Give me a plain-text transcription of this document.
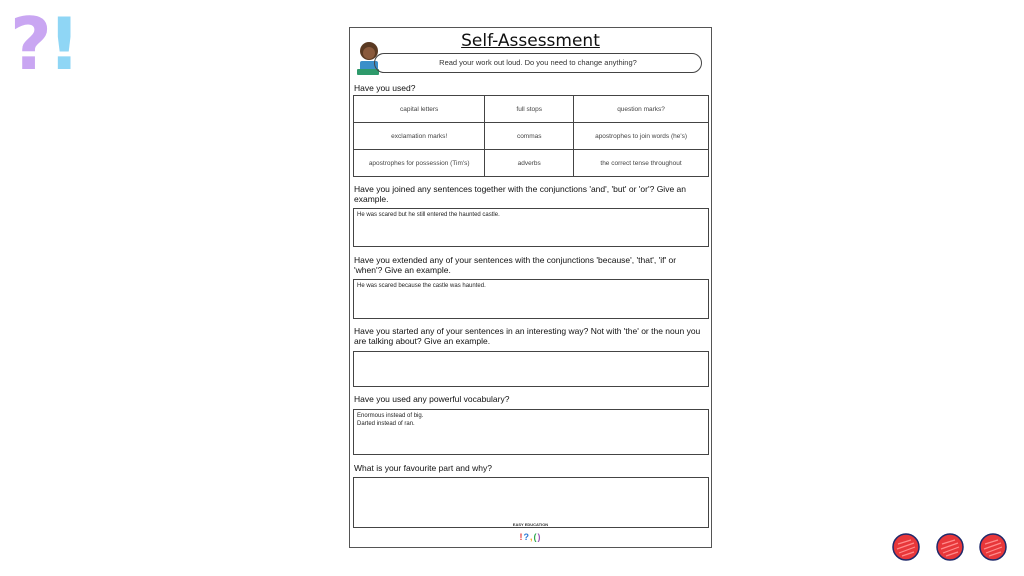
?!	Self-Assessment
Read your work out loud. Do you need to change anything?
Have you used?
capital letters	full stops	question marks?
exclamation marks!	commas	apostrophes to join words (he's)
apostrophes for possession (Tim's)	adverbs	the correct tense throughout
Have you joined any sentences together with the conjunctions 'and', 'but' or 'or'? Give an example.
He was scared but he still entered the haunted castle.
Have you extended any of your sentences with the conjunctions 'because', 'that', 'if' or 'when'? Give an example.
He was scared because the castle was haunted.
Have you started any of your sentences in an interesting way? Not with 'the' or the noun you are talking about? Give an example.
Have you used any powerful vocabulary?
Enormous instead of big.
Darted instead of ran.
What is your favourite part and why?
EASY EDUCATION
!?,()
